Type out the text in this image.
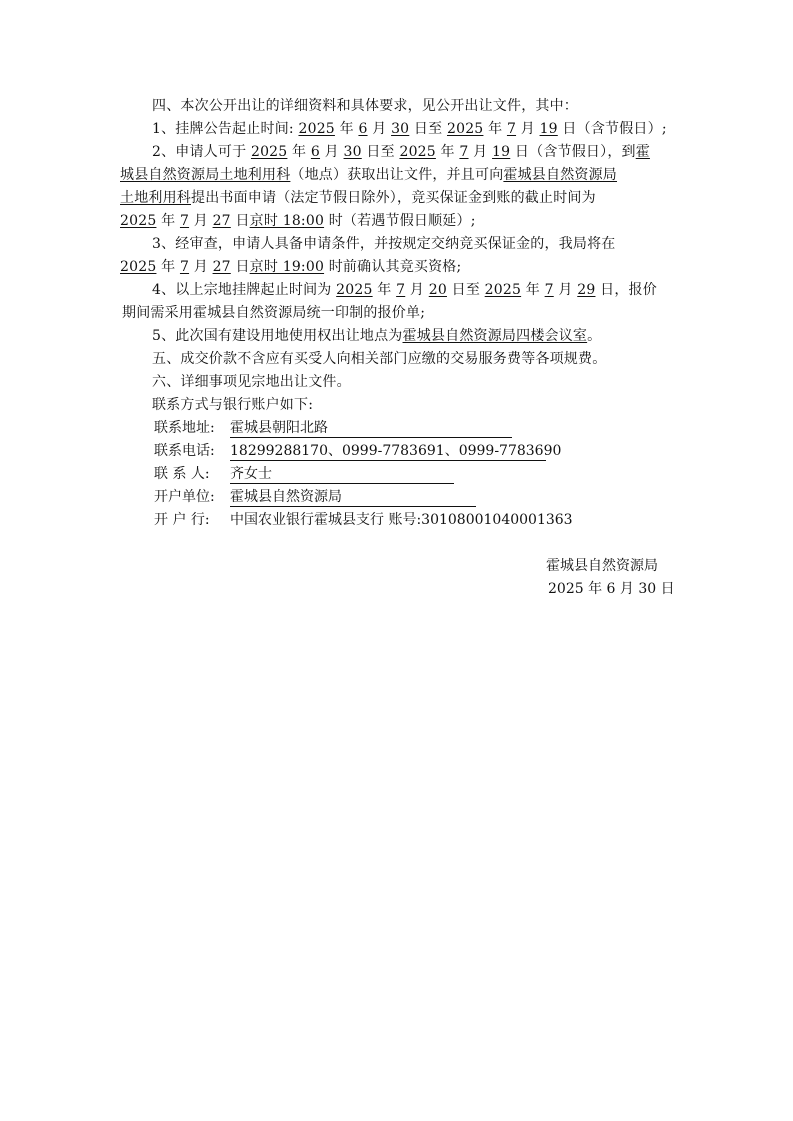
四、本次公开出让的详细资料和具体要求，见公开出让文件，其中：
1、挂牌公告起止时间: 2025 年 6 月 30 日至 2025 年 7 月 19 日（含节假日）;
2、申请人可于 2025 年 6 月 30 日至 2025 年 7 月 19 日（含节假日），到霍
城县自然资源局土地利用科（地点）获取出让文件，并且可向霍城县自然资源局
土地利用科提出书面申请（法定节假日除外），竞买保证金到账的截止时间为
2025 年 7 月 27 日京时 18:00 时（若遇节假日顺延）;
3、经审查，申请人具备申请条件，并按规定交纳竞买保证金的，我局将在
2025 年 7 月 27 日京时 19:00 时前确认其竞买资格;
4、以上宗地挂牌起止时间为 2025 年 7 月 20 日至 2025 年 7 月 29 日，报价
期间需采用霍城县自然资源局统一印制的报价单;
5、此次国有建设用地使用权出让地点为霍城县自然资源局四楼会议室。
五、成交价款不含应有买受人向相关部门应缴的交易服务费等各项规费。
六、详细事项见宗地出让文件。
联系方式与银行账户如下:
联系地址: 霍城县朝阳北路
联系电话: 18299288170、0999-7783691、0999-7783690
联 系 人: 齐女士
开户单位: 霍城县自然资源局
开 户 行: 中国农业银行霍城县支行 账号:30108001040001363
霍城县自然资源局
2025 年 6 月 30 日
